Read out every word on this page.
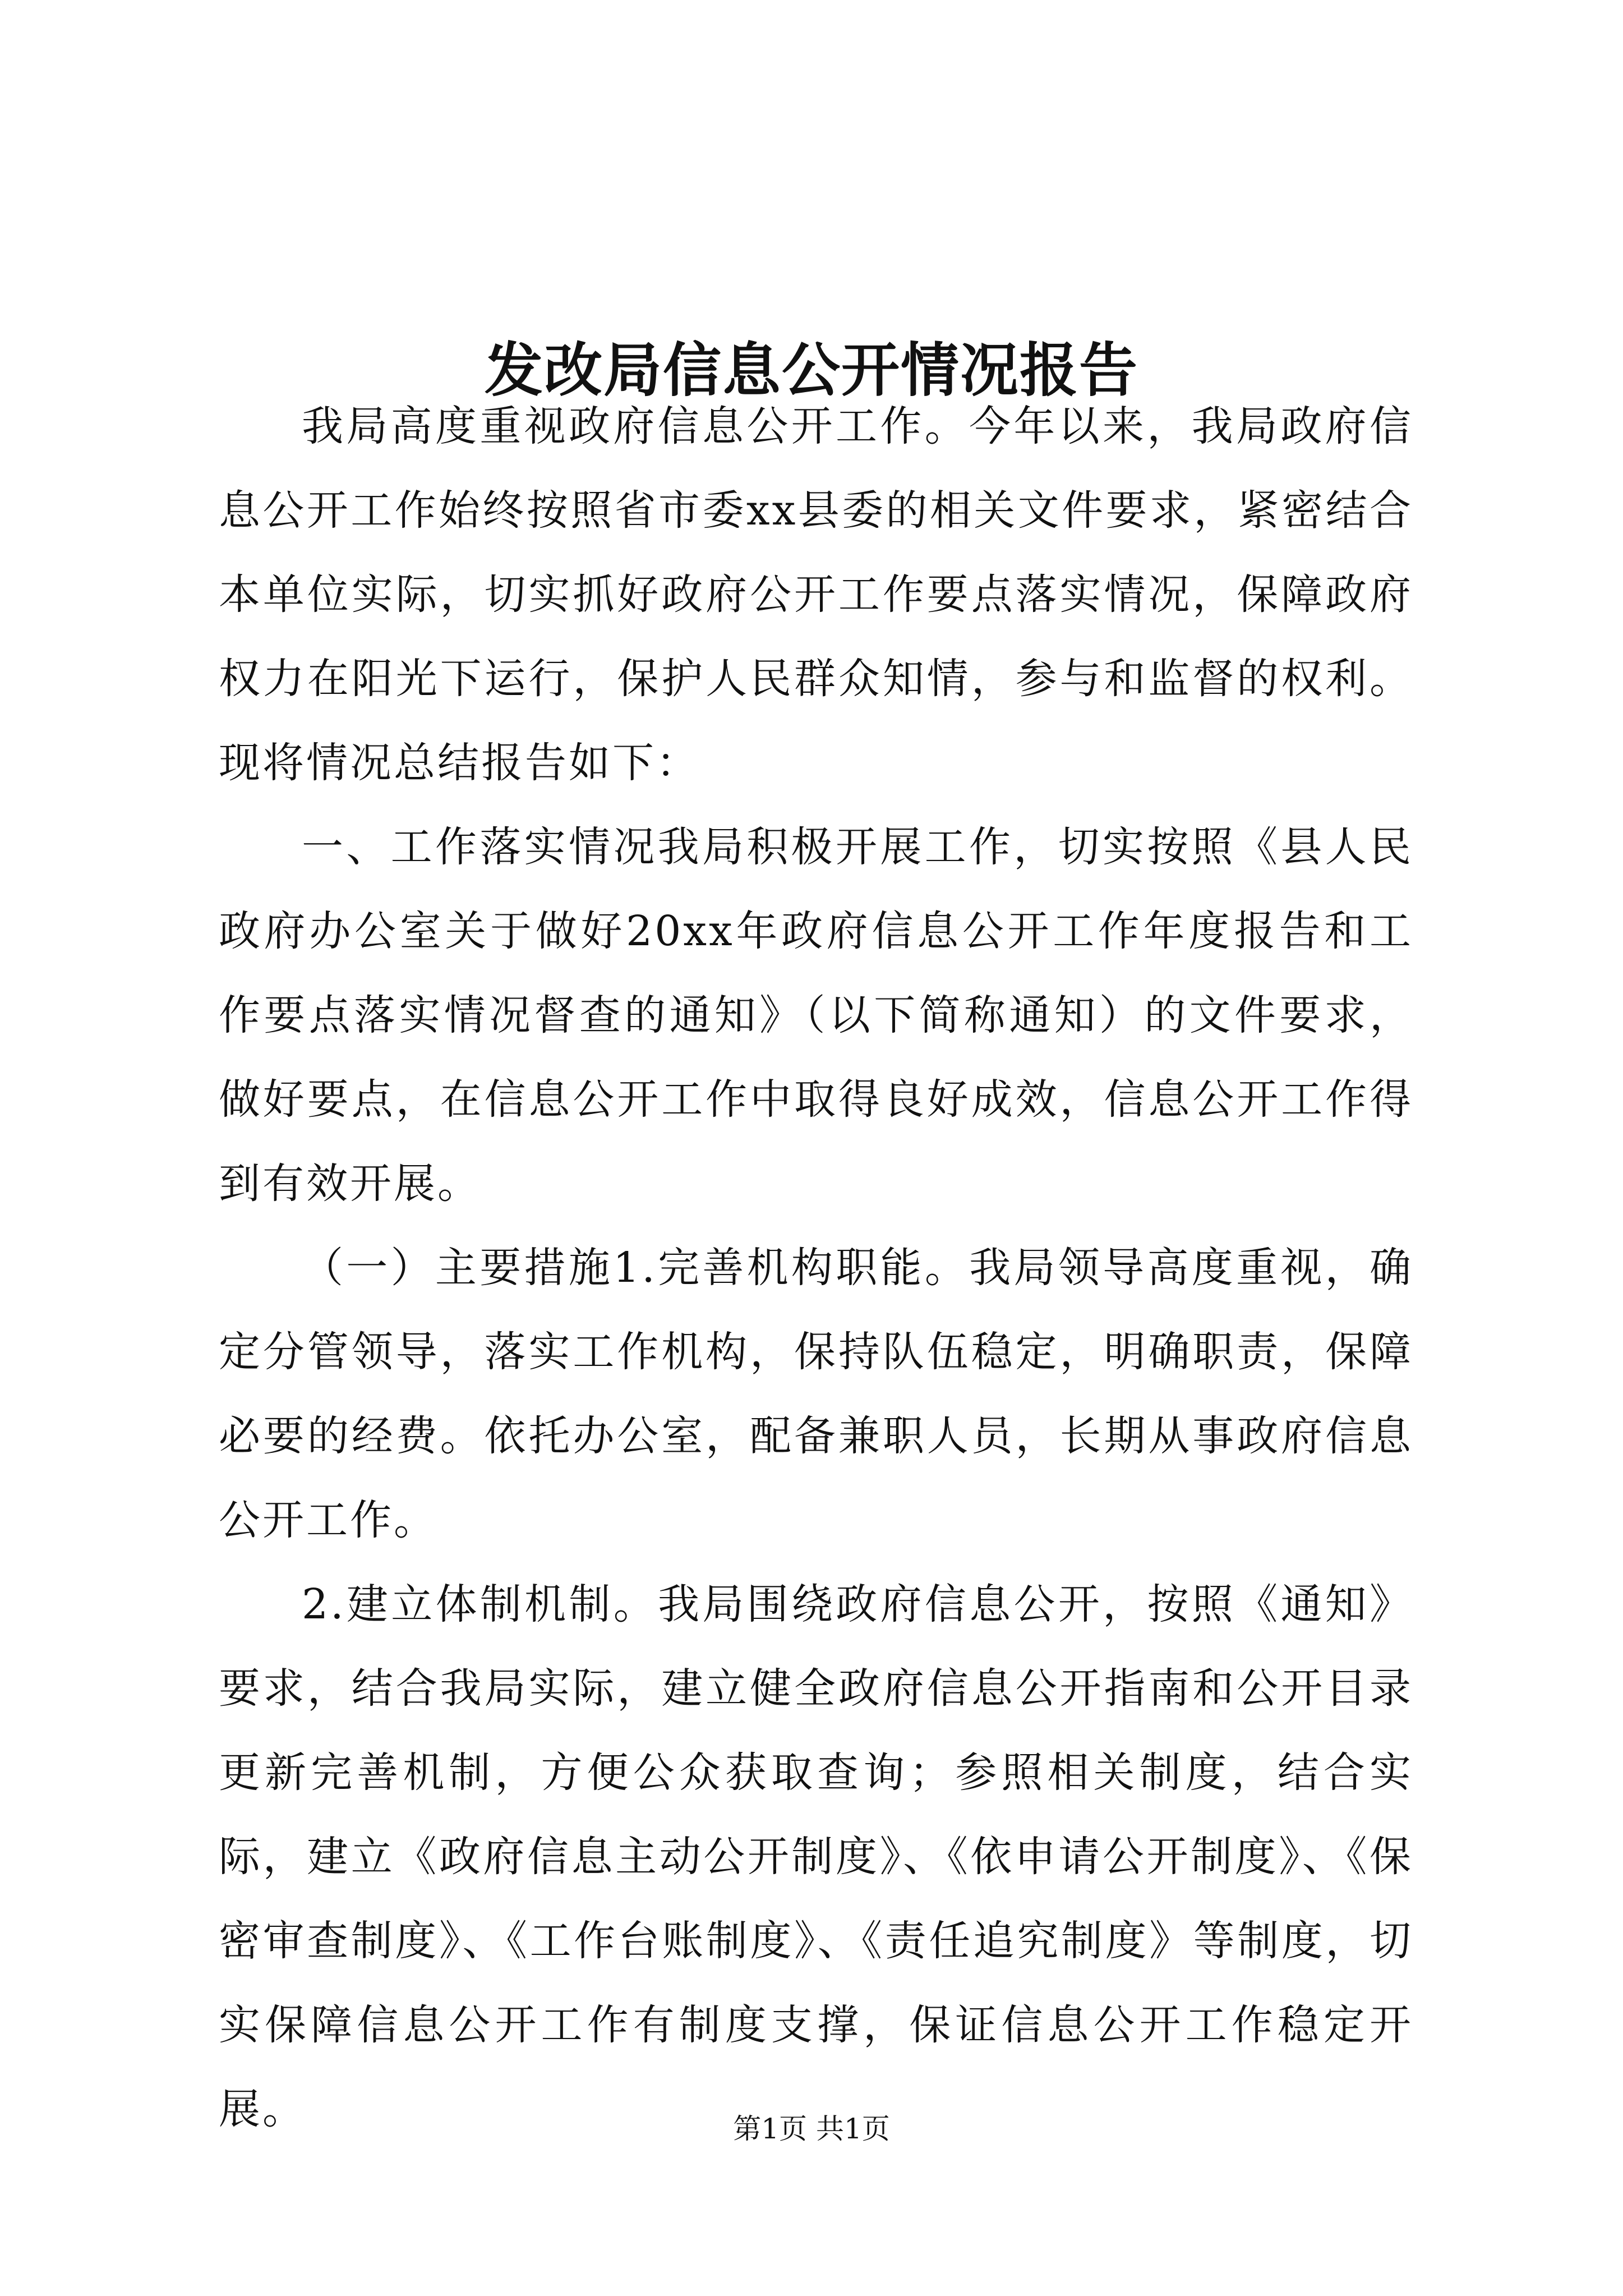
发改局信息公开情况报告

我局高度重视政府信息公开工作。今年以来，我局政府信息公开工作始终按照省市委xx县委的相关文件要求，紧密结合本单位实际，切实抓好政府公开工作要点落实情况，保障政府权力在阳光下运行，保护人民群众知情，参与和监督的权利。现将情况总结报告如下：

一、工作落实情况我局积极开展工作，切实按照《县人民政府办公室关于做好20xx年政府信息公开工作年度报告和工作要点落实情况督查的通知》（以下简称通知）的文件要求，做好要点，在信息公开工作中取得良好成效，信息公开工作得到有效开展。

（一）主要措施1.完善机构职能。我局领导高度重视，确定分管领导，落实工作机构，保持队伍稳定，明确职责，保障必要的经费。依托办公室，配备兼职人员，长期从事政府信息公开工作。

2.建立体制机制。我局围绕政府信息公开，按照《通知》要求，结合我局实际，建立健全政府信息公开指南和公开目录更新完善机制，方便公众获取查询；参照相关制度，结合实际，建立《政府信息主动公开制度》、《依申请公开制度》、《保密审查制度》、《工作台账制度》、《责任追究制度》等制度，切实保障信息公开工作有制度支撑，保证信息公开工作稳定开展。	第1页 共1页
